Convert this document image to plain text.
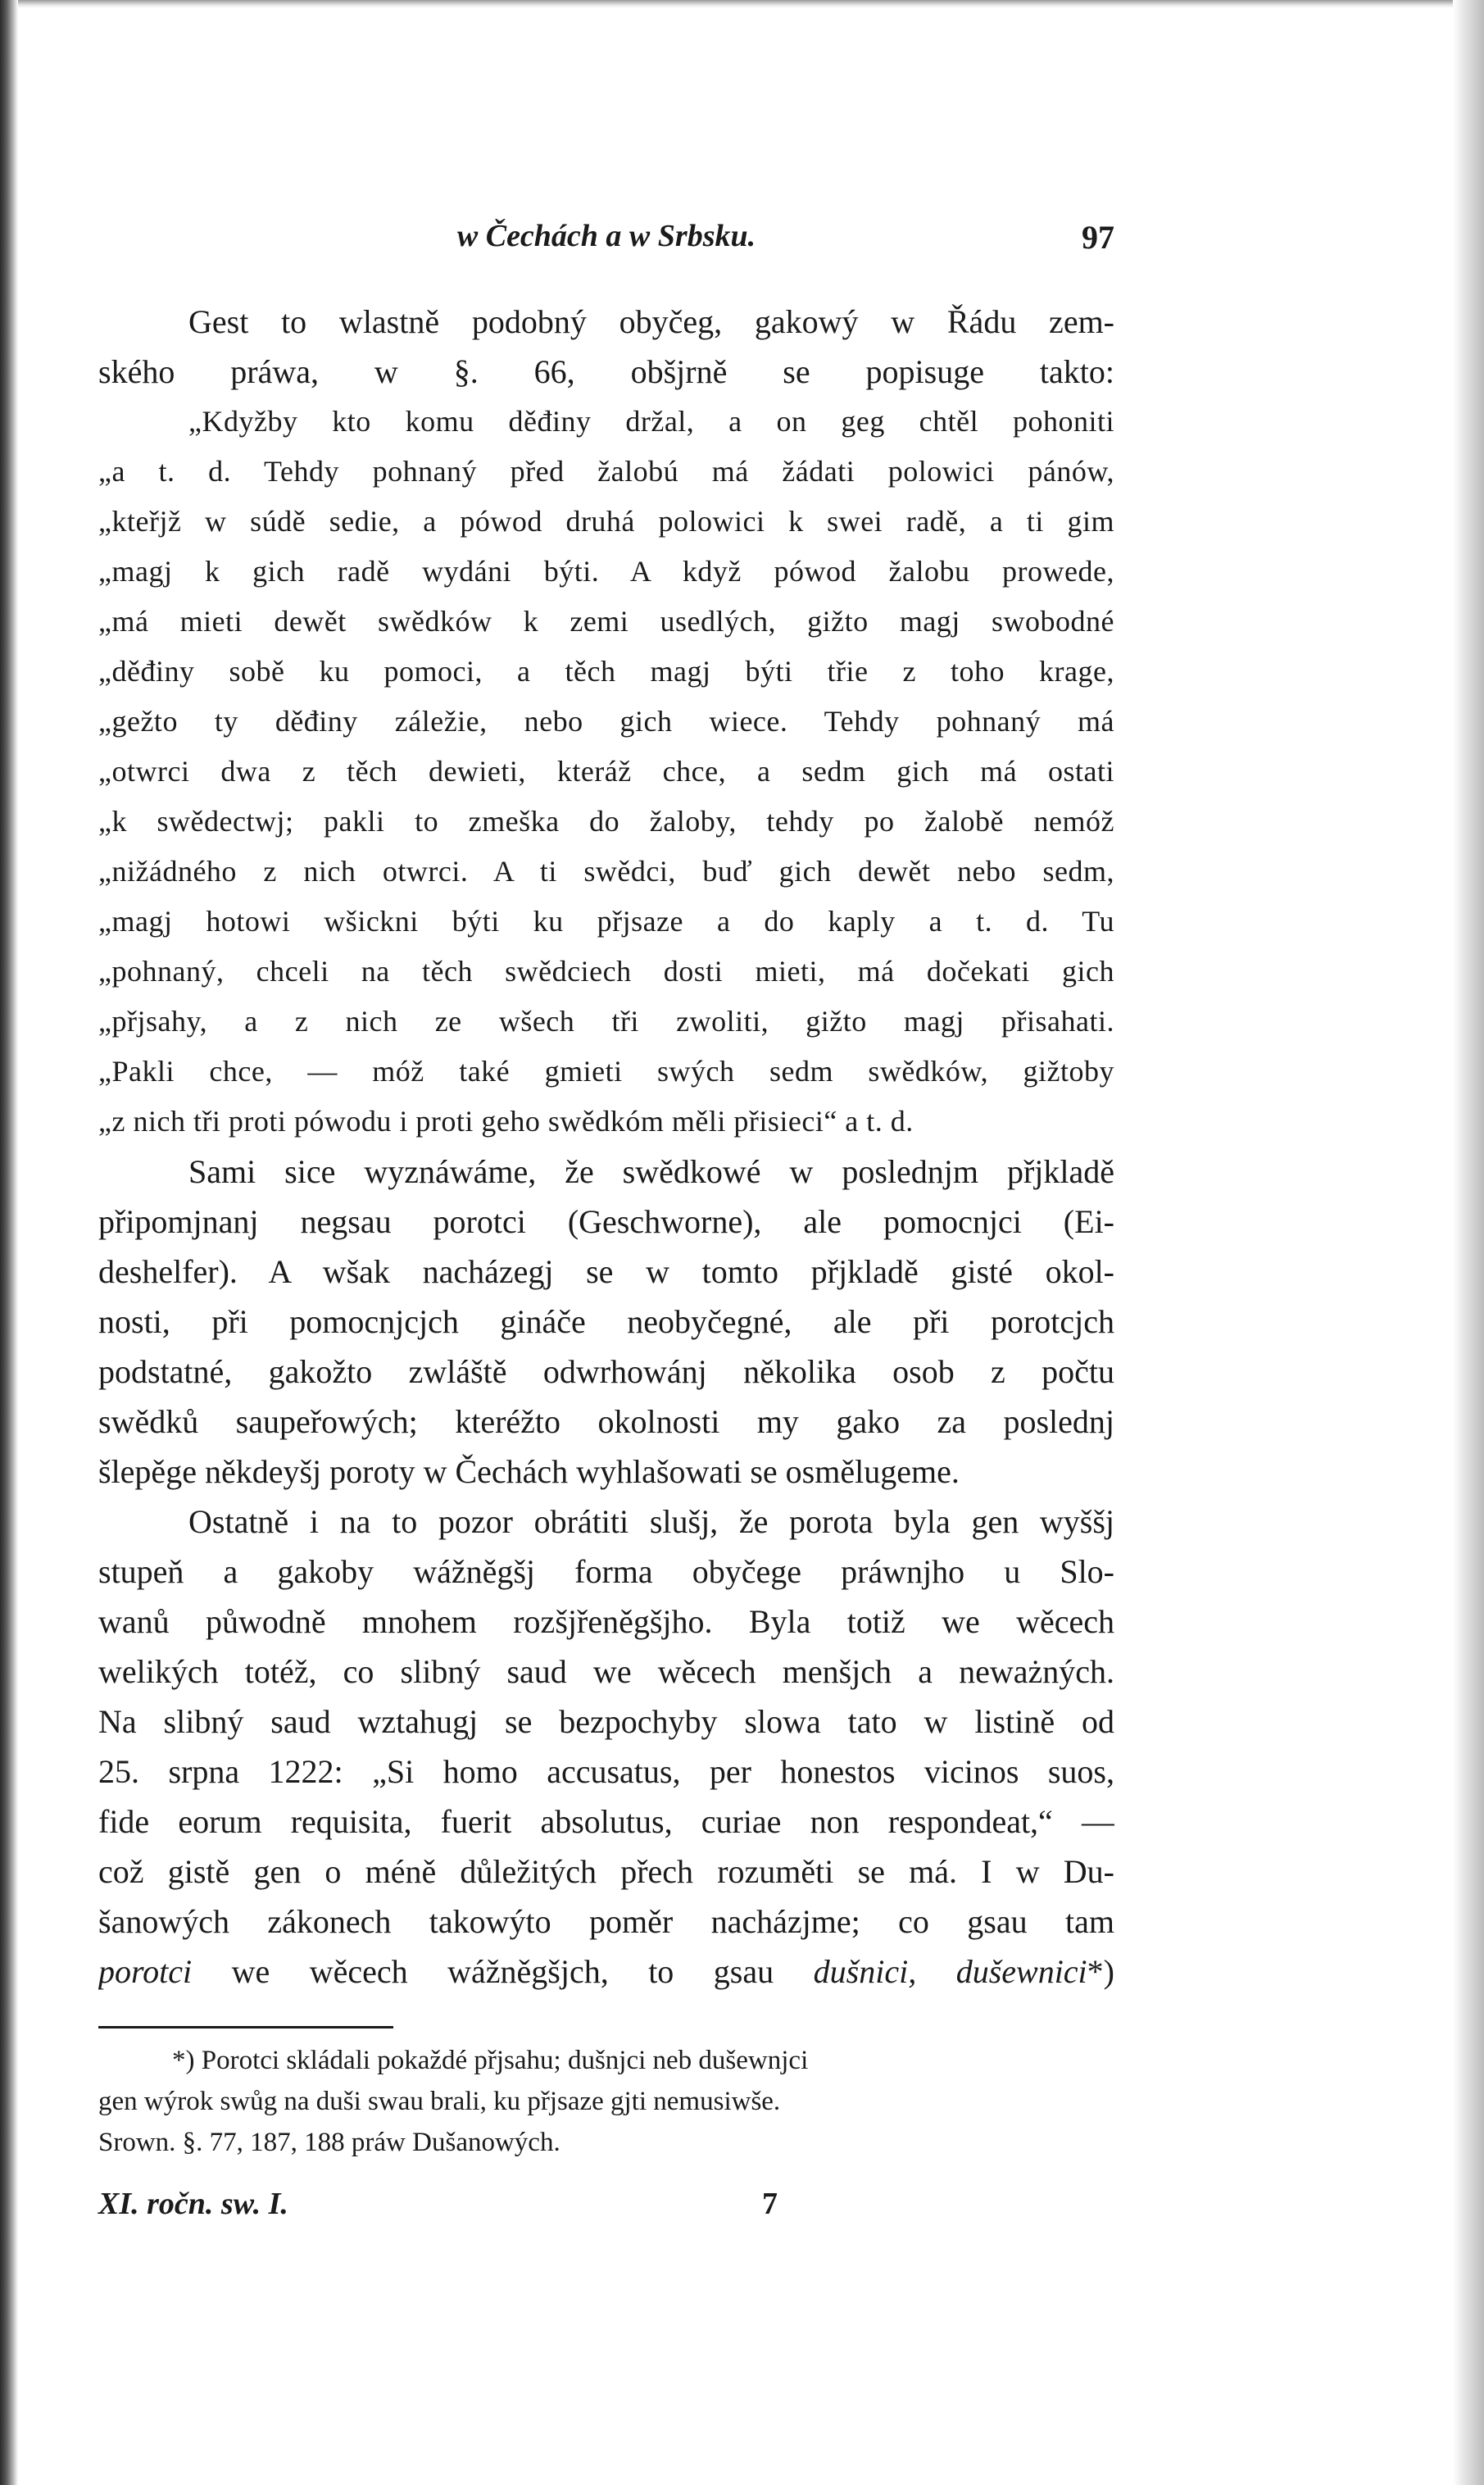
w Čechách a w Srbsku.	97
Gest to wlastně podobný obyčeg, gakowý w Řádu zem-
ského práwa, w §. 66, obšjrně se popisuge takto:
„Kdyžby kto komu děđiny držal, a on geg chtěl pohoniti
„a t. d. Tehdy pohnaný před žalobú má žádati polowici pánów,
„kteřjž w súdě sedie, a pówod druhá polowici k swei radě, a ti gim
„magj k gich radě wydáni býti. A když pówod žalobu prowede,
„má mieti dewět swědków k zemi usedlých, gižto magj swobodné
„děđiny sobě ku pomoci, a těch magj býti třie z toho krage,
„gežto ty děđiny záležie, nebo gich wiece. Tehdy pohnaný má
„otwrci dwa z těch dewieti, kteráž chce, a sedm gich má ostati
„k swědectwj; pakli to zmeška do žaloby, tehdy po žalobě nemóž
„nižádného z nich otwrci. A ti swědci, buď gich dewět nebo sedm,
„magj hotowi wšickni býti ku přjsaze a do kaply a t. d. Tu
„pohnaný, chceli na těch swědciech dosti mieti, má dočekati gich
„přjsahy, a z nich ze wšech tři zwoliti, gižto magj přisahati.
„Pakli chce, — móž také gmieti swých sedm swědków, gižtoby
„z nich tři proti pówodu i proti geho swědkóm měli přisieci“ a t. d.
Sami sice wyznáwáme, že swědkowé w poslednjm přjkladě
připomjnanj negsau porotci (Geschworne), ale pomocnjci (Ei-
deshelfer). A wšak nacházegj se w tomto přjkladě gisté okol-
nosti, při pomocnjcjch gináče neobyčegné, ale při porotcjch
podstatné, gakožto zwláště odwrhowánj několika osob z počtu
swědků saupeřowých; kteréžto okolnosti my gako za poslednj
šlepěge někdeyšj poroty w Čechách wyhlašowati se osmělugeme.
Ostatně i na to pozor obrátiti slušj, že porota byla gen wyššj
stupeň a gakoby wážněgšj forma obyčege práwnjho u Slo-
wanů půwodně mnohem rozšjřeněgšjho. Byla totiž we wěcech
welikých totéž, co slibný saud we wěcech menšjch a neważných.
Na slibný saud wztahugj se bezpochyby slowa tato w listině od
25. srpna 1222: „Si homo accusatus, per honestos vicinos suos,
fide eorum requisita, fuerit absolutus, curiae non respondeat,“ —
což gistě gen o méně důležitých přech rozuměti se má. I w Du-
šanowých zákonech takowýto poměr nacházjme; co gsau tam
porotci we wěcech wážněgšjch, to gsau dušnici, dušewnici*)
*) Porotci skládali pokaždé přjsahu; dušnjci neb dušewnjci
gen wýrok swůg na duši swau brali, ku přjsaze gjti nemusiwše.
Srown. §. 77, 187, 188 práw Dušanowých.
XI. ročn. sw. I.	7
